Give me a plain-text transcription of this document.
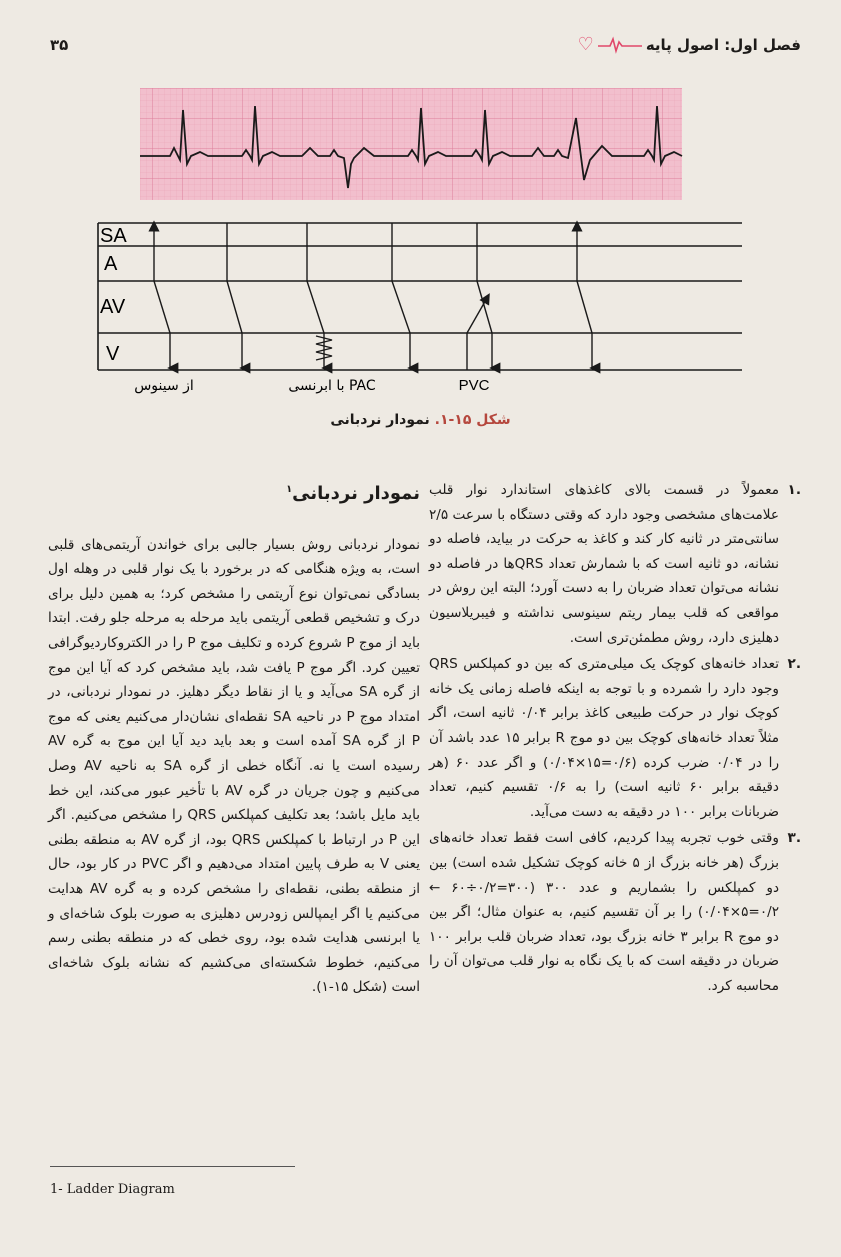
۳۵	فصل اول: اصول پایه
♡
SA
A
AV
V
از سینوس	PAC با ابرنسی	PVC
شکل ۱۵-۱. نمودار نردبانی
.۱
معمولاً در قسمت بالای کاغذهای استاندارد نوار قلب علامت‌های مشخصی وجود دارد که وقتی دستگاه با سرعت ۲/۵ سانتی‌متر در ثانیه کار کند و کاغذ به حرکت در بیاید، فاصله دو نشانه، دو ثانیه است که با شمارش تعداد QRSها در فاصله دو نشانه می‌توان تعداد ضربان را به دست آورد؛ البته این روش در مواقعی که قلب بیمار ریتم سینوسی نداشته و فیبریلاسیون دهلیزی دارد، روش مطمئن‌تری است.
.۲
تعداد خانه‌های کوچک یک میلی‌متری که بین دو کمپلکس QRS وجود دارد را شمرده و با توجه به اینکه فاصله زمانی یک خانه کوچک نوار در حرکت طبیعی کاغذ برابر ۰/۰۴ ثانیه است، اگر مثلاً تعداد خانه‌های کوچک بین دو موج R برابر ۱۵ عدد باشد آن را در ۰/۰۴ ضرب کرده (۰/۶=۱۵×۰/۰۴) و اگر عدد ۶۰ (هر دقیقه برابر ۶۰ ثانیه است) را به ۰/۶ تقسیم کنیم، تعداد ضربانات برابر ۱۰۰ در دقیقه به دست می‌آید.
.۳
وقتی خوب تجربه پیدا کردیم، کافی است فقط تعداد خانه‌های بزرگ (هر خانه بزرگ از ۵ خانه کوچک تشکیل شده است) بین دو کمپلکس را بشماریم و عدد ۳۰۰ (۳۰۰=۰/۲÷۶۰ ← ۰/۲=۵×۰/۰۴) را بر آن تقسیم کنیم، به عنوان مثال؛ اگر بین دو موج R برابر ۳ خانه بزرگ بود، تعداد ضربان قلب برابر ۱۰۰ ضربان در دقیقه است که با یک نگاه به نوار قلب می‌توان آن را محاسبه کرد.
نمودار نردبانی$^۱$
نمودار نردبانی روش بسیار جالبی برای خواندن آریتمی‌های قلبی است، به ویژه هنگامی که در برخورد با یک نوار قلبی در وهله اول بسادگی نمی‌توان نوع آریتمی را مشخص کرد؛ به همین دلیل برای درک و تشخیص قطعی آریتمی باید مرحله به مرحله جلو رفت. ابتدا باید از موج P شروع کرده و تکلیف موج P را در الکتروکاردیوگرافی تعیین کرد. اگر موج P یافت شد، باید مشخص کرد که آیا این موج از گره SA می‌آید و یا از نقاط دیگر دهلیز. در نمودار نردبانی، در امتداد موج P در ناحیه SA نقطه‌ای نشان‌دار می‌کنیم یعنی که موج P از گره SA آمده است و بعد باید دید آیا این موج به گره AV رسیده است یا نه. آنگاه خطی از گره SA به ناحیه AV وصل می‌کنیم و چون جریان در گره AV با تأخیر عبور می‌کند، این خط باید مایل باشد؛ بعد تکلیف کمپلکس QRS را مشخص می‌کنیم. اگر این P در ارتباط با کمپلکس QRS بود، از گره AV به منطقه بطنی یعنی V به طرف پایین امتداد می‌دهیم و اگر PVC در کار بود، حال از منطقه بطنی، نقطه‌ای را مشخص کرده و به گره AV هدایت می‌کنیم یا اگر ایمپالس زودرس دهلیزی به صورت بلوک شاخه‌ای و یا ابرنسی هدایت شده بود، روی خطی که در منطقه بطنی رسم می‌کنیم، خطوط شکسته‌ای می‌کشیم که نشانه بلوک شاخه‌ای است (شکل ۱۵-۱).
1- Ladder Diagram
